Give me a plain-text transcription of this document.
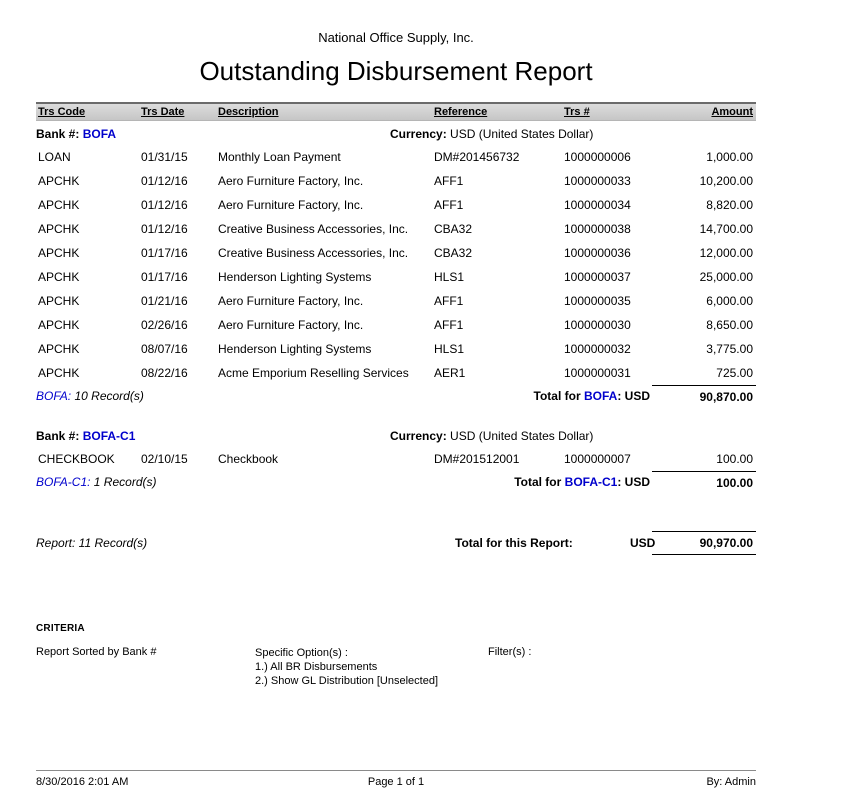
National Office Supply, Inc.
Outstanding Disbursement Report
Trs Code	Trs Date	Description	Reference	Trs #	Amount
Bank #: BOFA	Currency: USD (United States Dollar)
LOAN	01/31/15	Monthly Loan Payment	DM#201456732	1000000006	1,000.00
APCHK	01/12/16	Aero Furniture Factory, Inc.	AFF1	1000000033	10,200.00
APCHK	01/12/16	Aero Furniture Factory, Inc.	AFF1	1000000034	8,820.00
APCHK	01/12/16	Creative Business Accessories, Inc.	CBA32	1000000038	14,700.00
APCHK	01/17/16	Creative Business Accessories, Inc.	CBA32	1000000036	12,000.00
APCHK	01/17/16	Henderson Lighting Systems	HLS1	1000000037	25,000.00
APCHK	01/21/16	Aero Furniture Factory, Inc.	AFF1	1000000035	6,000.00
APCHK	02/26/16	Aero Furniture Factory, Inc.	AFF1	1000000030	8,650.00
APCHK	08/07/16	Henderson Lighting Systems	HLS1	1000000032	3,775.00
APCHK	08/22/16	Acme Emporium Reselling Services	AER1	1000000031	725.00
BOFA: 10 Record(s)	Total for BOFA: USD	90,870.00
Bank #: BOFA-C1	Currency: USD (United States Dollar)
CHECKBOOK	02/10/15	Checkbook	DM#201512001	1000000007	100.00
BOFA-C1: 1 Record(s)	Total for BOFA-C1: USD	100.00
Report: 11 Record(s)	Total for this Report:	USD	90,970.00
CRITERIA
Report Sorted by Bank #	Specific Option(s) :
1.) All BR Disbursements
2.) Show GL Distribution [Unselected]
Filter(s) :
8/30/2016 2:01 AM	Page 1 of 1	By: Admin
